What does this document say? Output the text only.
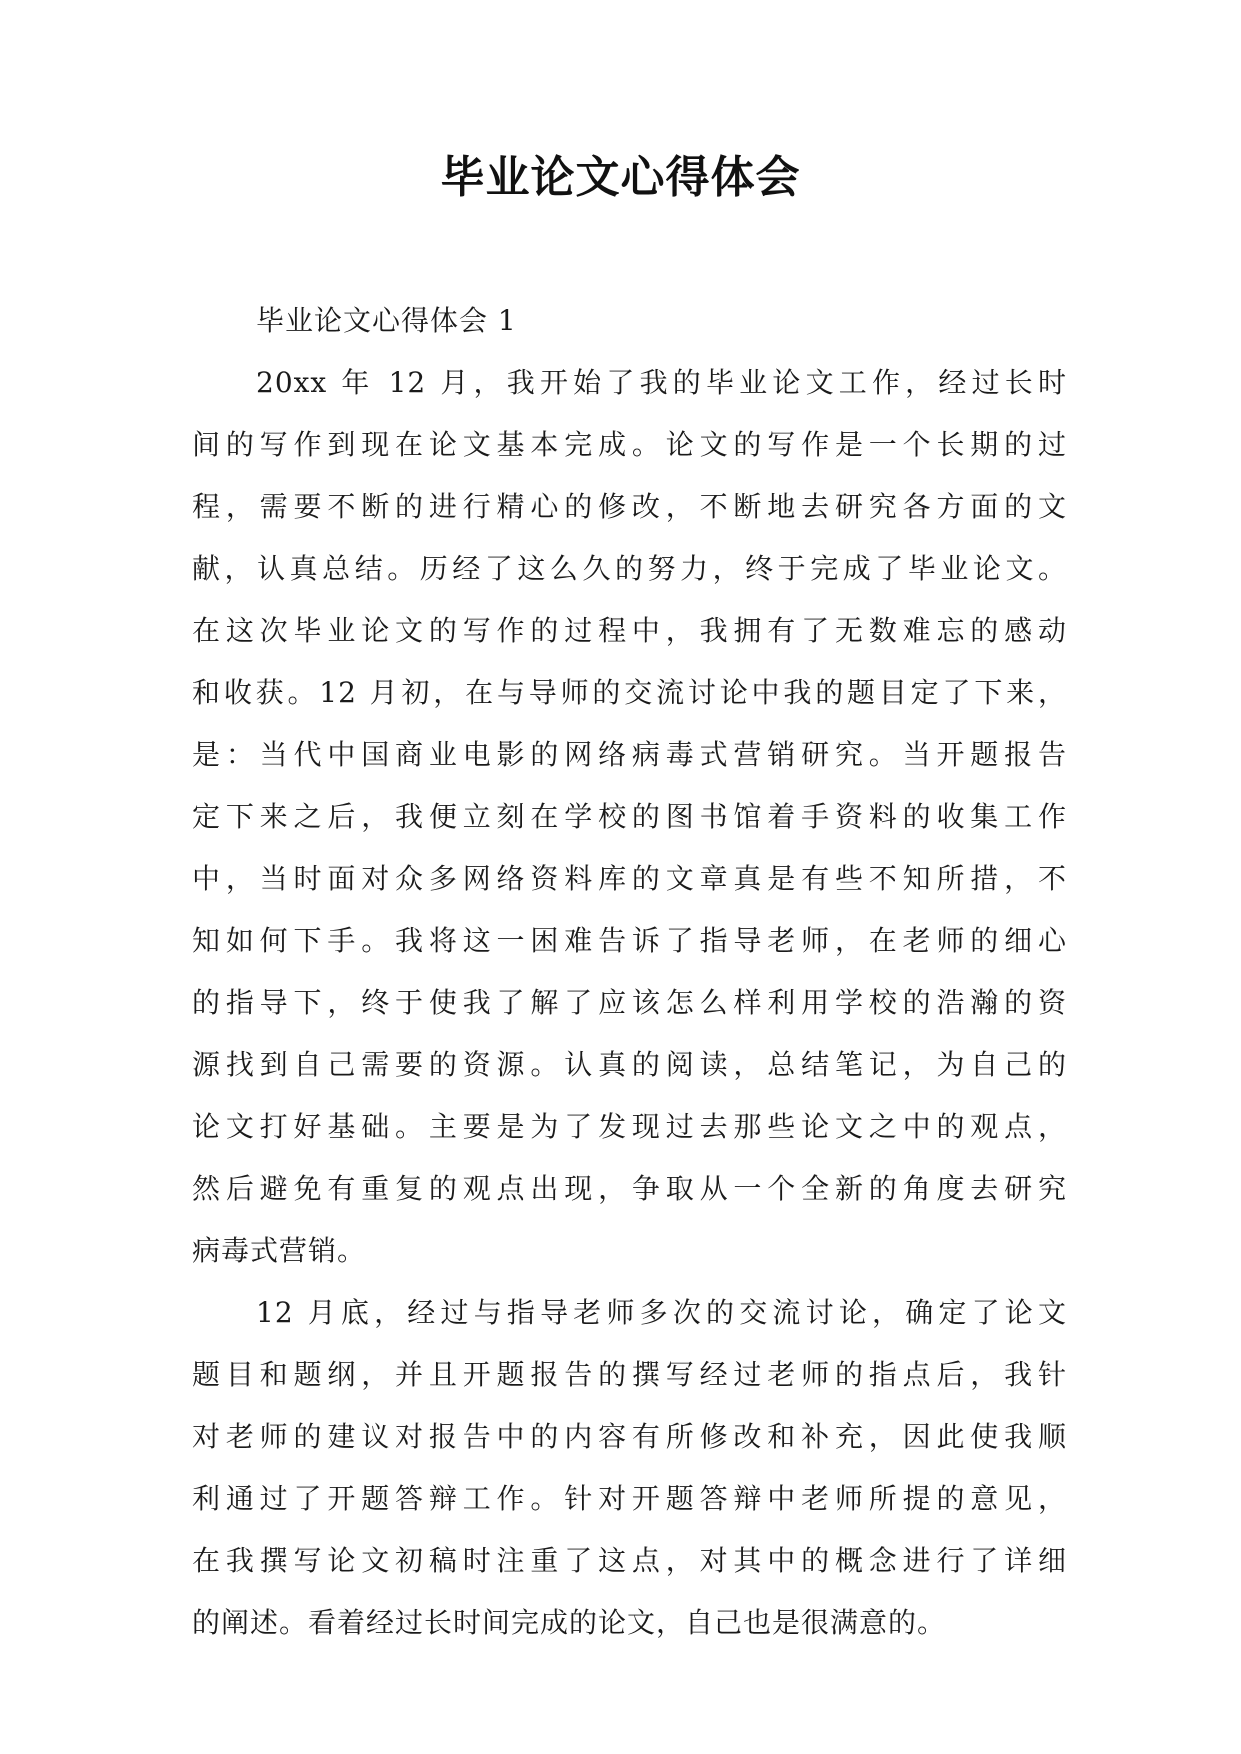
毕业论文心得体会
毕业论文心得体会 1
20xx 年 12 月，我开始了我的毕业论文工作，经过长时
间的写作到现在论文基本完成。论文的写作是一个长期的过
程，需要不断的进行精心的修改，不断地去研究各方面的文
献，认真总结。历经了这么久的努力，终于完成了毕业论文。
在这次毕业论文的写作的过程中，我拥有了无数难忘的感动
和收获。12 月初，在与导师的交流讨论中我的题目定了下来，
是：当代中国商业电影的网络病毒式营销研究。当开题报告
定下来之后，我便立刻在学校的图书馆着手资料的收集工作
中，当时面对众多网络资料库的文章真是有些不知所措，不
知如何下手。我将这一困难告诉了指导老师，在老师的细心
的指导下，终于使我了解了应该怎么样利用学校的浩瀚的资
源找到自己需要的资源。认真的阅读，总结笔记，为自己的
论文打好基础。主要是为了发现过去那些论文之中的观点，
然后避免有重复的观点出现，争取从一个全新的角度去研究
病毒式营销。
12 月底，经过与指导老师多次的交流讨论，确定了论文
题目和题纲，并且开题报告的撰写经过老师的指点后，我针
对老师的建议对报告中的内容有所修改和补充，因此使我顺
利通过了开题答辩工作。针对开题答辩中老师所提的意见，
在我撰写论文初稿时注重了这点，对其中的概念进行了详细
的阐述。看着经过长时间完成的论文，自己也是很满意的。
